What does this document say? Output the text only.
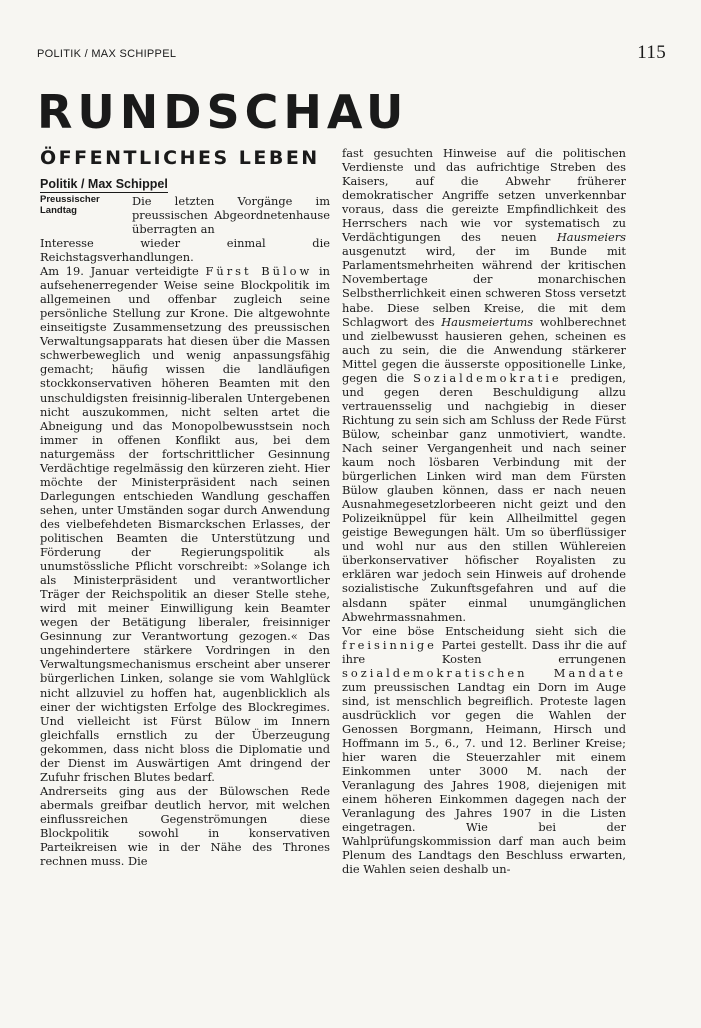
POLITIK / MAX SCHIPPEL	115
RUNDSCHAU
ÖFFENTLICHES LEBEN
Politik / Max Schippel
Preussischer
Landtag

Die letzten Vorgänge im preussischen Abgeordnetenhause überragten an

Interesse wieder einmal die Reichstagsverhandlungen.

Am 19. Januar verteidigte Fürst Bülow in aufsehenerregender Weise seine Blockpolitik im allgemeinen und offenbar zugleich seine persönliche Stellung zur Krone. Die altgewohnte einseitigste Zusammensetzung des preussischen Verwaltungsapparats hat diesen über die Massen schwerbeweglich und wenig anpassungsfähig gemacht; häufig wissen die landläufigen stockkonservativen höheren Beamten mit den unschuldigsten freisinnig-liberalen Untergebenen nicht auszukommen, nicht selten artet die Abneigung und das Monopolbewusstsein noch immer in offenen Konflikt aus, bei dem naturgemäss der fortschrittlicher Gesinnung Verdächtige regelmässig den kürzeren zieht. Hier möchte der Ministerpräsident nach seinen Darlegungen entschieden Wandlung geschaffen sehen, unter Umständen sogar durch Anwendung des vielbefehdeten Bismarckschen Erlasses, der politischen Beamten die Unterstützung und Förderung der Regierungspolitik als unumstössliche Pflicht vorschreibt: »Solange ich als Ministerpräsident und verantwortlicher Träger der Reichspolitik an dieser Stelle stehe, wird mit meiner Einwilligung kein Beamter wegen der Betätigung liberaler, freisinniger Gesinnung zur Verantwortung gezogen.« Das ungehindertere stärkere Vordringen in den Verwaltungsmechanismus erscheint aber unserer bürgerlichen Linken, solange sie vom Wahlglück nicht allzuviel zu hoffen hat, augenblicklich als einer der wichtigsten Erfolge des Blockregimes. Und vielleicht ist Fürst Bülow im Innern gleichfalls ernstlich zu der Überzeugung gekommen, dass nicht bloss die Diplomatie und der Dienst im Auswärtigen Amt dringend der Zufuhr frischen Blutes bedarf.

Andrerseits ging aus der Bülowschen Rede abermals greifbar deutlich hervor, mit welchen einflussreichen Gegenströmungen diese Blockpolitik sowohl in konservativen Parteikreisen wie in der Nähe des Thrones rechnen muss. Die

fast gesuchten Hinweise auf die politischen Verdienste und das aufrichtige Streben des Kaisers, auf die Abwehr früherer demokratischer Angriffe setzen unverkennbar voraus, dass die gereizte Empfindlichkeit des Herrschers nach wie vor systematisch zu Verdächtigungen des neuen Hausmeiers ausgenutzt wird, der im Bunde mit Parlamentsmehrheiten während der kritischen Novembertage der monarchischen Selbstherrlichkeit einen schweren Stoss versetzt habe. Diese selben Kreise, die mit dem Schlagwort des Hausmeiertums wohlberechnet und zielbewusst hausieren gehen, scheinen es auch zu sein, die die Anwendung stärkerer Mittel gegen die äusserste oppositionelle Linke, gegen die Sozialdemokratie predigen, und gegen deren Beschuldigung allzu vertrauensselig und nachgiebig in dieser Richtung zu sein sich am Schluss der Rede Fürst Bülow, scheinbar ganz unmotiviert, wandte. Nach seiner Vergangenheit und nach seiner kaum noch lösbaren Verbindung mit der bürgerlichen Linken wird man dem Fürsten Bülow glauben können, dass er nach neuen Ausnahmegesetzlorbeeren nicht geizt und den Polizeiknüppel für kein Allheilmittel gegen geistige Bewegungen hält. Um so überflüssiger und wohl nur aus den stillen Wühlereien überkonservativer höfischer Royalisten zu erklären war jedoch sein Hinweis auf drohende sozialistische Zukunftsgefahren und auf die alsdann später einmal unumgänglichen Abwehrmassnahmen.

Vor eine böse Entscheidung sieht sich die freisinnige Partei gestellt. Dass ihr die auf ihre Kosten errungenen sozialdemokratischen Mandate zum preussischen Landtag ein Dorn im Auge sind, ist menschlich begreiflich. Proteste lagen ausdrücklich vor gegen die Wahlen der Genossen Borgmann, Heimann, Hirsch und Hoffmann im 5., 6., 7. und 12. Berliner Kreise; hier waren die Steuerzahler mit einem Einkommen unter 3000 M. nach der Veranlagung des Jahres 1908, diejenigen mit einem höheren Einkommen dagegen nach der Veranlagung des Jahres 1907 in die Listen eingetragen. Wie bei der Wahlprüfungskommission darf man auch beim Plenum des Landtags den Beschluss erwarten, die Wahlen seien deshalb un-
